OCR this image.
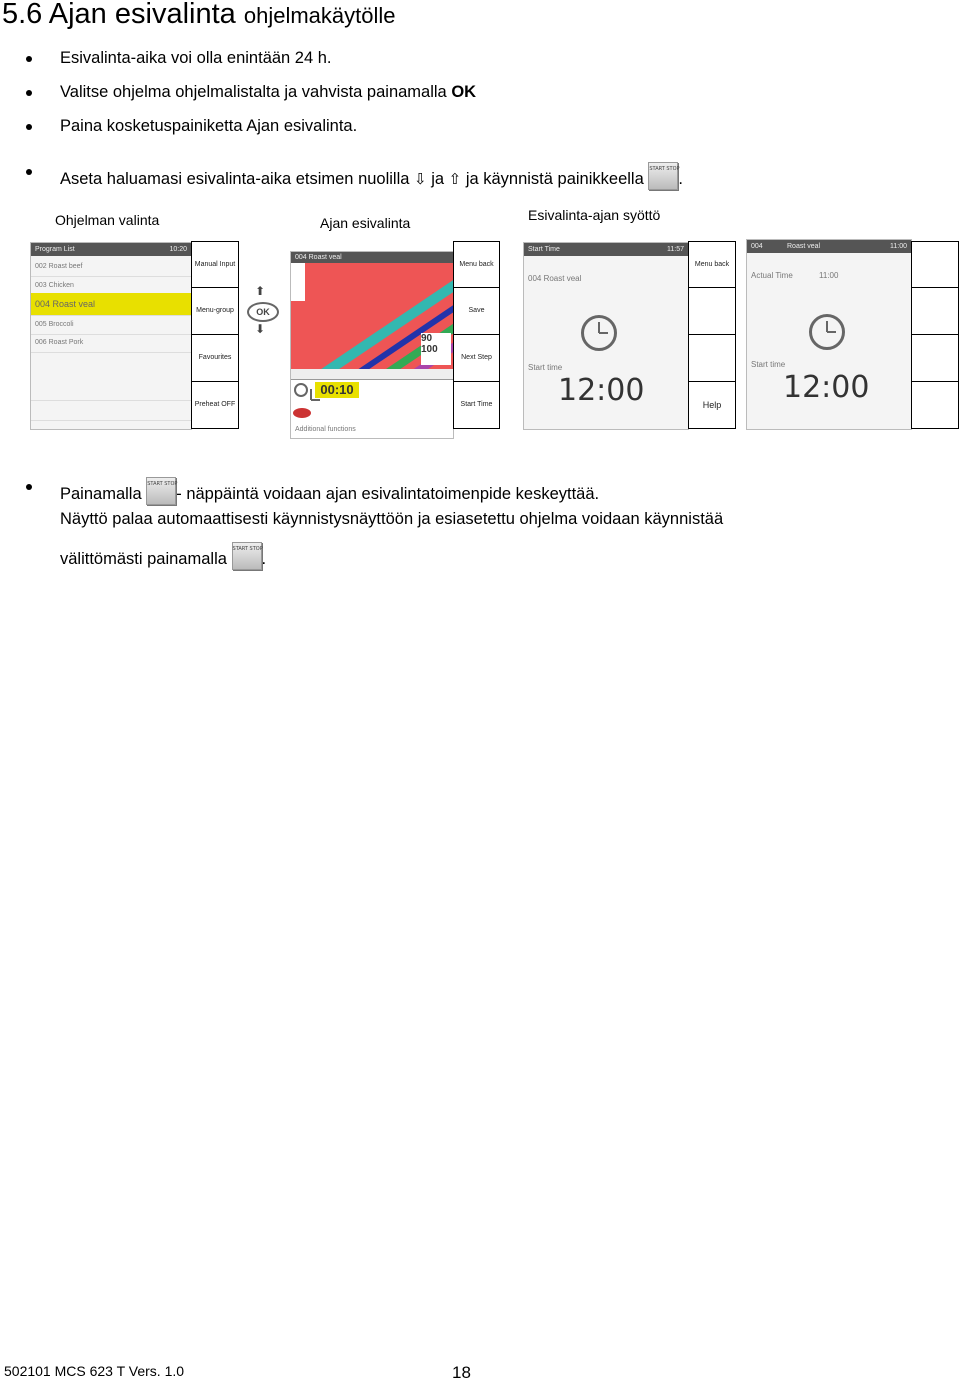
5.6 Ajan esivalinta ohjelmakäytölle
Esivalinta-aika voi olla enintään 24 h.
Valitse ohjelma ohjelmalistalta ja vahvista painamalla OK
Paina kosketuspainiketta Ajan esivalinta.
Aseta haluamasi esivalinta-aika etsimen nuolilla ⇩ ja ⇧ ja käynnistä painikkeella
START STOP
.
Ohjelman valinta	Ajan esivalinta	Esivalinta-ajan syöttö
Program List	10:20
002 Roast beef
003 Chicken
004 Roast veal
005 Broccoli
006 Roast Pork
Manual Input
Menu-group
Favourites
Preheat OFF
⬆
OK
⬇
004 Roast veal
90
100
00:10
Additional functions
Menu back
Save
Next Step
Start Time
Start Time	11:57
004 Roast veal
Start time
12:00
Menu back
Help
004	Roast veal	11:00
Actual Time	11:00
Start time
12:00
Painamalla
START STOP
- näppäintä voidaan ajan esivalintatoimenpide keskeyttää.
Näyttö palaa automaattisesti käynnistysnäyttöön ja esiasetettu ohjelma voidaan käynnistää
välittömästi painamalla
START STOP
.
502101 MCS 623 T Vers. 1.0	18
